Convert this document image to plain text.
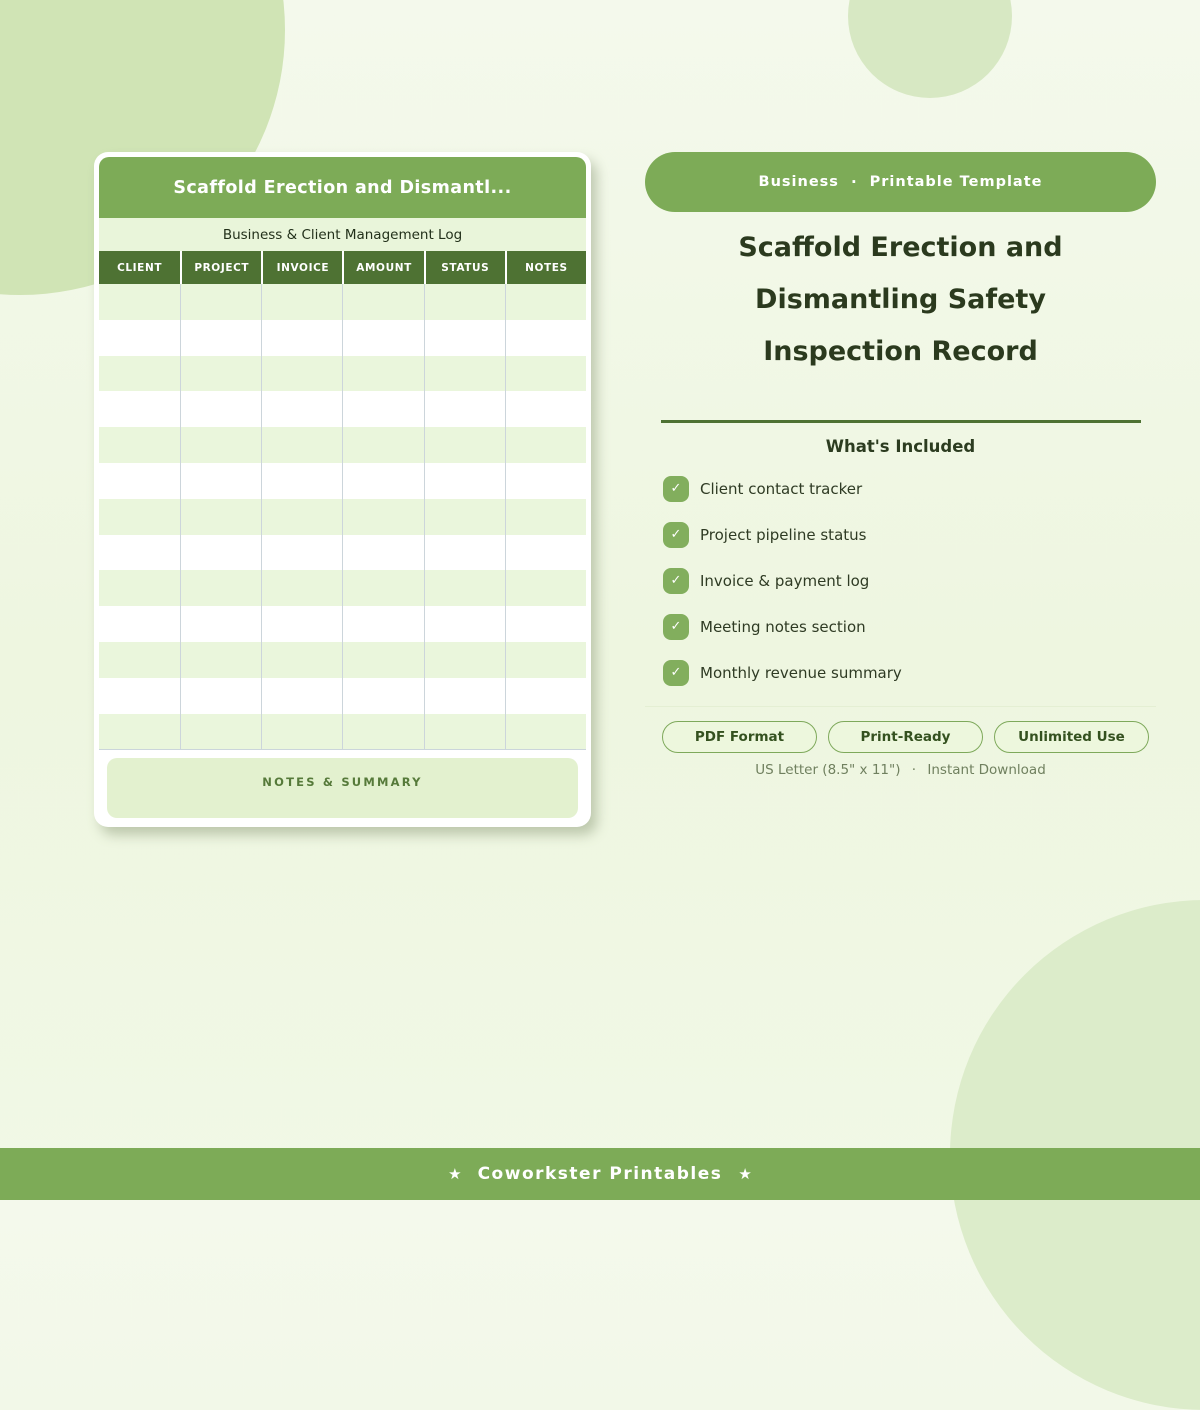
Scaffold Erection and Dismantl...
Business & Client Management Log
CLIENT	PROJECT	INVOICE	AMOUNT	STATUS	NOTES
NOTES & SUMMARY
Business · Printable Template
Scaffold Erection and
Dismantling Safety
Inspection Record
What's Included
✓	Client contact tracker
✓	Project pipeline status
✓	Invoice & payment log
✓	Meeting notes section
✓	Monthly revenue summary
PDF Format	Print-Ready	Unlimited Use
US Letter (8.5" x 11") · Instant Download
★ Coworkster Printables ★
